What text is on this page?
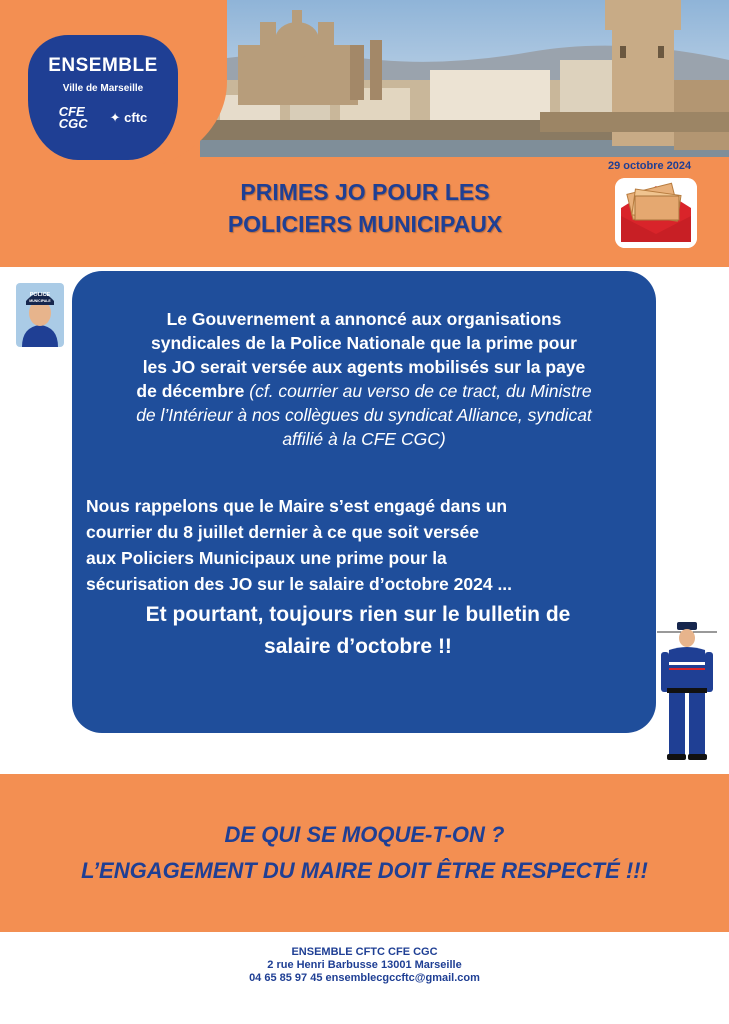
ENSEMBLE
Ville de Marseille
CFE
CGC ✦ cftc
29 octobre 2024
PRIMES JO POUR LES
POLICIERS MUNICIPAUX
POLICE
MUNICIPALE
Le Gouvernement a annoncé aux organisations
syndicales de la Police Nationale que la prime pour
les JO serait versée aux agents mobilisés sur la paye
de décembre (cf. courrier au verso de ce tract, du Ministre
de l’Intérieur à nos collègues du syndicat Alliance, syndicat
affilié à la CFE CGC)
Nous rappelons que le Maire s’est engagé dans un
courrier du 8 juillet dernier à ce que soit versée
aux Policiers Municipaux une prime pour la
sécurisation des JO sur le salaire d’octobre 2024 ...
Et pourtant, toujours rien sur le bulletin de
salaire d’octobre !!
DE QUI SE MOQUE-T-ON ?
L’ENGAGEMENT DU MAIRE DOIT ÊTRE RESPECTÉ !!!
ENSEMBLE CFTC CFE CGC
2 rue Henri Barbusse 13001 Marseille
04 65 85 97 45 ensemblecgccftc@gmail.com
